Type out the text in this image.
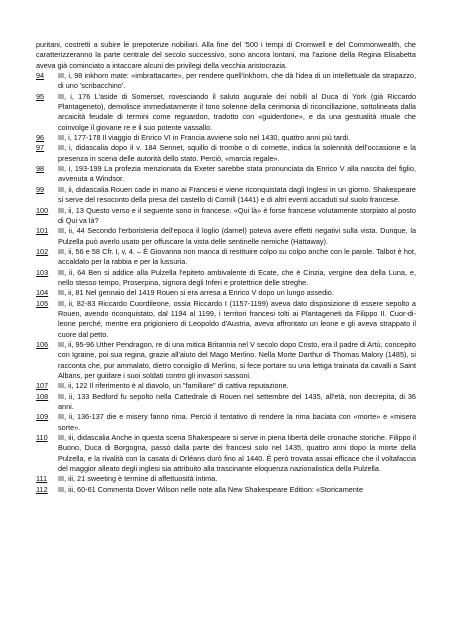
puritani, costretti a subire le prepotenze nobiliari. Alla fine del '500 i tempi di Cromwell e del Commonwealth, che caratterizzeranno la parte centrale del secolo successivo, sono ancora lontani, ma l'azione della Regina Elisabetta aveva già cominciato a intaccare alcuni dei privilegi della vecchia aristocrazia.

94	III, i, 98 inkhorn mate: «imbrattacarte», per rendere quell'inkhorn, che dà l'idea di un intellettuale da strapazzo, di uno 'scribacchino'.
95	III, i, 176 L'aside di Somerset, rovesciando il saluto augurale dei nobili al Duca di York (già Riccardo Plantageneto), demolisce immediatamente il tono solenne della cerimonia di riconciliazione, sottolineata dalla arcaicità feudale di termini come reguardon, tradotto con «guiderdone», e da una gestualità rituale che coinvolge il giovane re e il suo potente vassallo.
96	III, i, 177-178 Il viaggio di Enrico VI in Francia avviene solo nel 1430, quattro anni più tardi.
97	III, i, didascalia dopo il v. 184 Sennet, squillo di trombe o di cornette, indica la solennità dell'occasione e la presenza in scena delle autorità dello stato. Perciò, «marcia regale».
98	III, i, 193-199 La profezia menzionata da Exeter sarebbe stata pronunciata da Enrico V alla nascita del figlio, avvenuta a Windsor.
99	III, ii, didascalia Rouen cade in mano ai Francesi e viene riconquistata dagli Inglesi in un giorno. Shakespeare si serve del resoconto della presa del castello di Cornill (1441) e di altri eventi accaduti sul suolo francese.
100	III, ii, 13 Questo verso e il seguente sono in francese. «Qui là» è forse francese volutamente storpiato al posto di Qui va là?
101	III, ii, 44 Secondo l'erboristeria dell'epoca il loglio (darnel) poteva avere effetti negativi sulla vista. Dunque, la Pulzella può averlo usato per offuscare la vista delle sentinelle nemiche (Hattaway).
102	III, ii, 56 e 58 Cfr. I, v, 4. – È Giovanna non manca di restituire colpo su colpo anche con le parole. Talbot è hot, accaldato per la rabbia e per la lussuria.
103	III, ii, 64 Ben si addice alla Pulzella l'epiteto ambivalente di Ecate, che è Cinzia, vergine dea della Luna, e, nello stesso tempo, Proserpina, signora degli Inferi e protettrice delle streghe.
104	III, ii, 81 Nel gennaio del 1419 Rouen si era arresa a Enrico V dopo un lungo assedio.
105	III, ii, 82-83 Riccardo Cuordileone, ossia Riccardo I (1157-1199) aveva dato disposizione di essere sepolto a Rouen, avendo riconquistato, dal 1194 al 1199, i territori francesi tolti ai Plantageneti da Filippo II. Cuor-di-leone perché, mentre era prigioniero di Leopoldo d'Austria, aveva affrontato un leone e gli aveva strappato il cuore dal petto.
106	III, ii, 95-96 Uther Pendragon, re di una mitica Britannia nel V secolo dopo Cristo, era il padre di Artù, concepito con Igraine, poi sua regina, grazie all'aiuto del Mago Merlino. Nella Morte Darthur di Thomas Malory (1485), si racconta che, pur ammalato, dietro consiglio di Merlino, si fece portare su una lettiga trainata da cavalli a Saint Albans, per guidare i suoi soldati contro gli invasori sassoni.
107	III, ii, 122 Il riferimento è al diavolo, un "familiare" di cattiva reputazione.
108	III, ii, 133 Bedford fu sepolto nella Cattedrale di Rouen nel settembre del 1435, all'età, non decrepita, di 36 anni.
109	III, ii, 136-137 die e misery fanno rima. Perciò il tentativo di rendere la rima baciata con «morte» e «misera sorte».
110	III, iii, didascalia Anche in questa scena Shakespeare si serve in piena libertà delle cronache storiche. Filippo il Buono, Duca di Borgogna, passò dalla parte dei francesi solo nel 1435, quattro anni dopo la morte della Pulzella, e la rivalità con la casata di Orléans durò fino al 1440. È però trovata assai efficace che il voltafaccia del maggior alleato degli inglesi sia attribuito alla trascinante eloquenza nazionalistica della Pulzella.
111	III, iii, 21 sweeting è termine di affettuosità intima.
112	III, iii, 60-61 Commenta Dover Wilson nelle note alla New Shakespeare Edition: «Storicamente
